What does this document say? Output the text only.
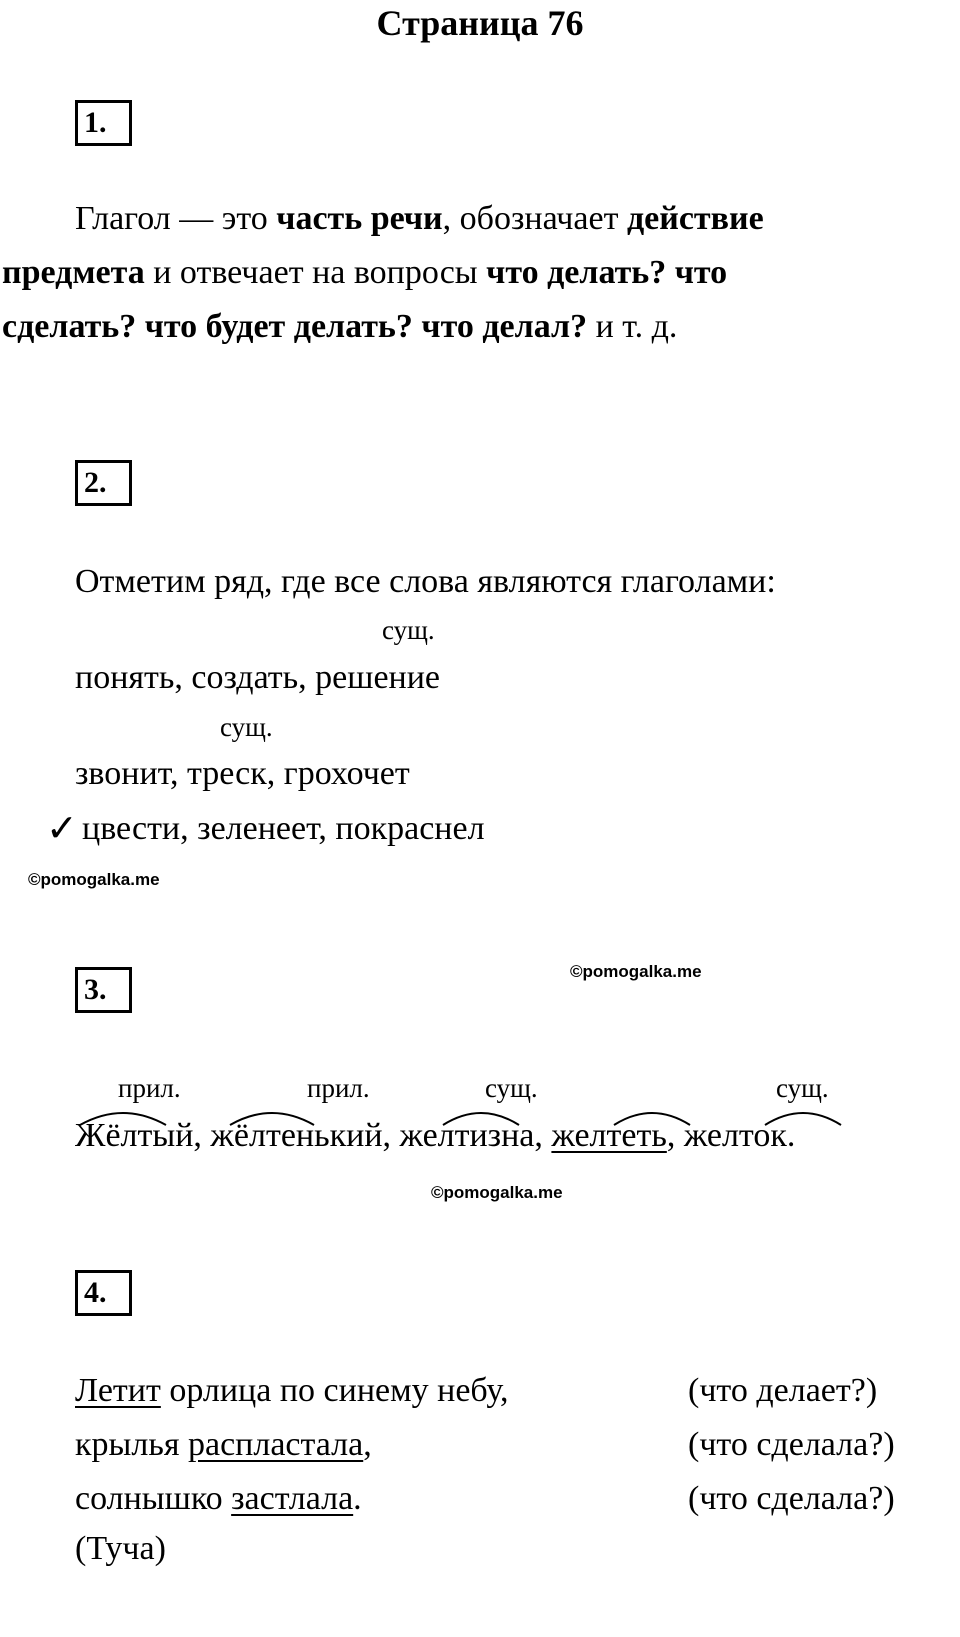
Страница 76
1.
Глагол — это часть речи, обозначает действие
предмета и отвечает на вопросы что делать? что
сделать? что будет делать? что делал? и т. д.
2.
Отметим ряд, где все слова являются глаголами:
сущ.
понять, создать, решение
сущ.
звонит, треск, грохочет
✓ цвести, зеленеет, покраснел
©pomogalka.me
3.
©pomogalka.me
прил.	прил.	сущ.	сущ.
Жёлтый, жёлтенький, желтизна, желтеть, желток.
©pomogalka.me
4.
Летит орлица по синему небу,	(что делает?)
крылья распластала,	(что сделала?)
солнышко застлала.	(что сделала?)
(Туча)
